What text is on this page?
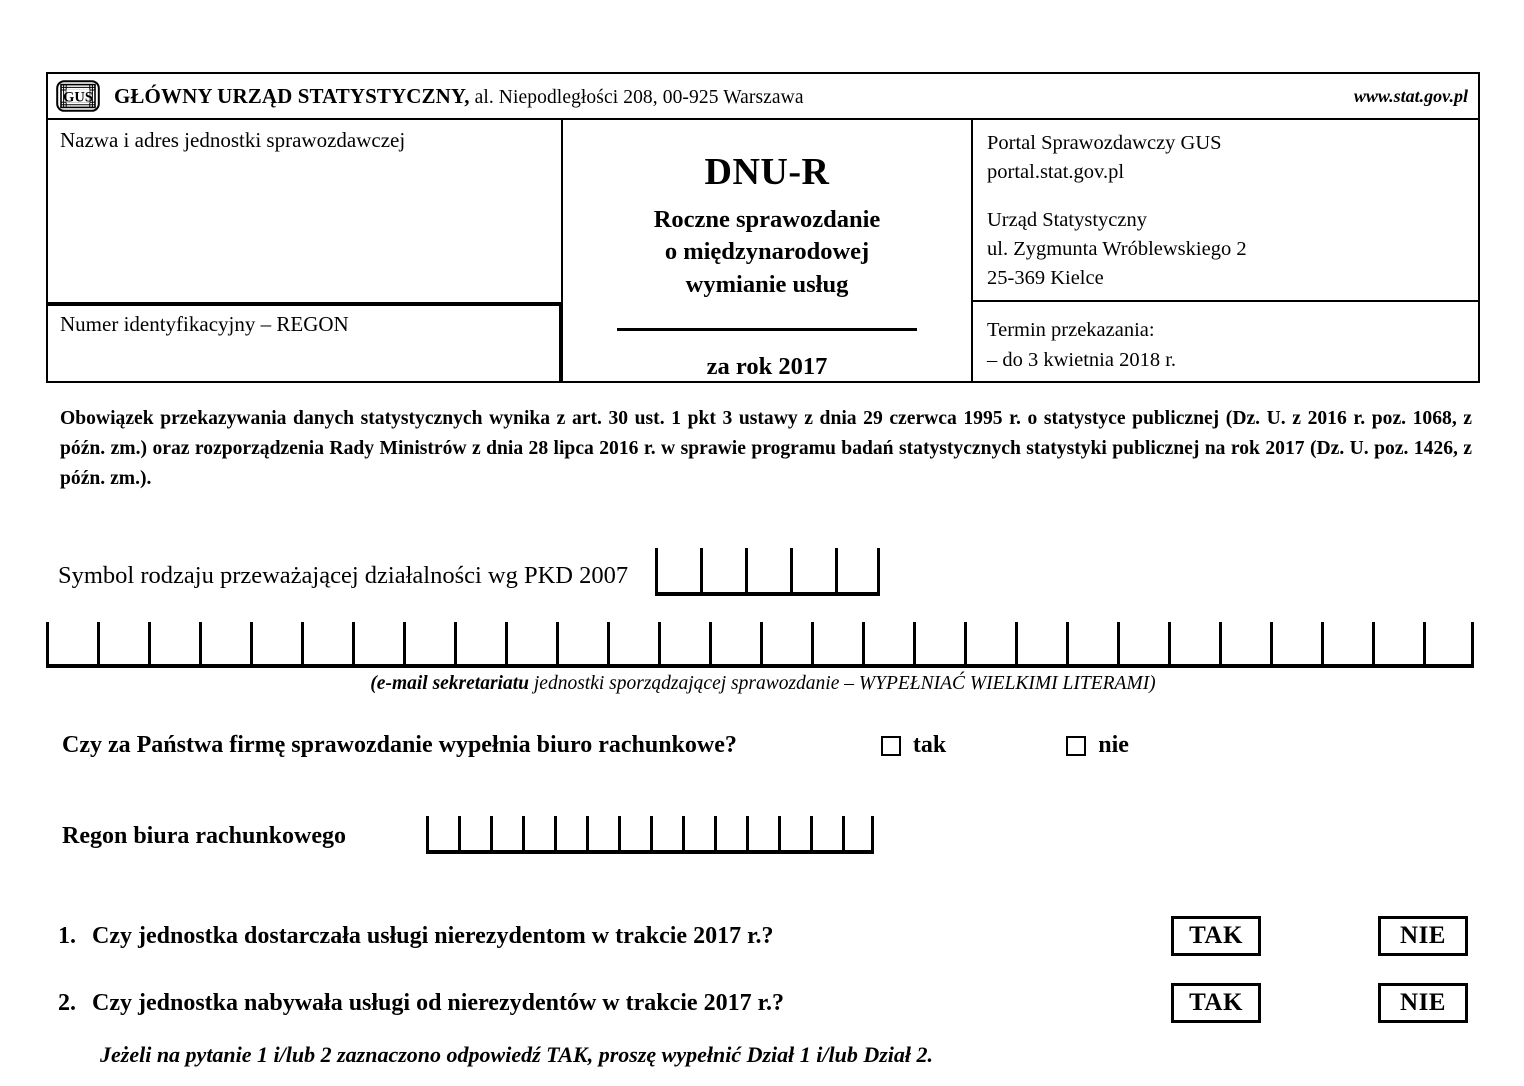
GUS GŁÓWNY URZĄD STATYSTYCZNY, al. Niepodległości 208, 00-925 Warszawa	www.stat.gov.pl
Nazwa i adres jednostki sprawozdawczej
Numer identyfikacyjny – REGON
DNU-R
Roczne sprawozdanie
o międzynarodowej
wymianie usług
za rok 2017
Portal Sprawozdawczy GUS
portal.stat.gov.pl
Urząd Statystyczny
ul. Zygmunta Wróblewskiego 2
25-369 Kielce
Termin przekazania:
– do 3 kwietnia 2018 r.
Obowiązek przekazywania danych statystycznych wynika z art. 30 ust. 1 pkt 3 ustawy z dnia 29 czerwca 1995 r. o statystyce publicznej (Dz. U. z 2016 r. poz. 1068, z późn. zm.) oraz rozporządzenia Rady Ministrów z dnia 28 lipca 2016 r. w sprawie programu badań statystycznych statystyki publicznej na rok 2017 (Dz. U. poz. 1426, z późn. zm.).
Symbol rodzaju przeważającej działalności wg PKD 2007
(e-mail sekretariatu jednostki sporządzającej sprawozdanie – WYPEŁNIAĆ WIELKIMI LITERAMI)
Czy za Państwa firmę sprawozdanie wypełnia biuro rachunkowe?	tak	nie
Regon biura rachunkowego
1. Czy jednostka dostarczała usługi nierezydentom w trakcie 2017 r.?	TAK	NIE
2. Czy jednostka nabywała usługi od nierezydentów w trakcie 2017 r.?	TAK	NIE
Jeżeli na pytanie 1 i/lub 2 zaznaczono odpowiedź TAK, proszę wypełnić Dział 1 i/lub Dział 2.
